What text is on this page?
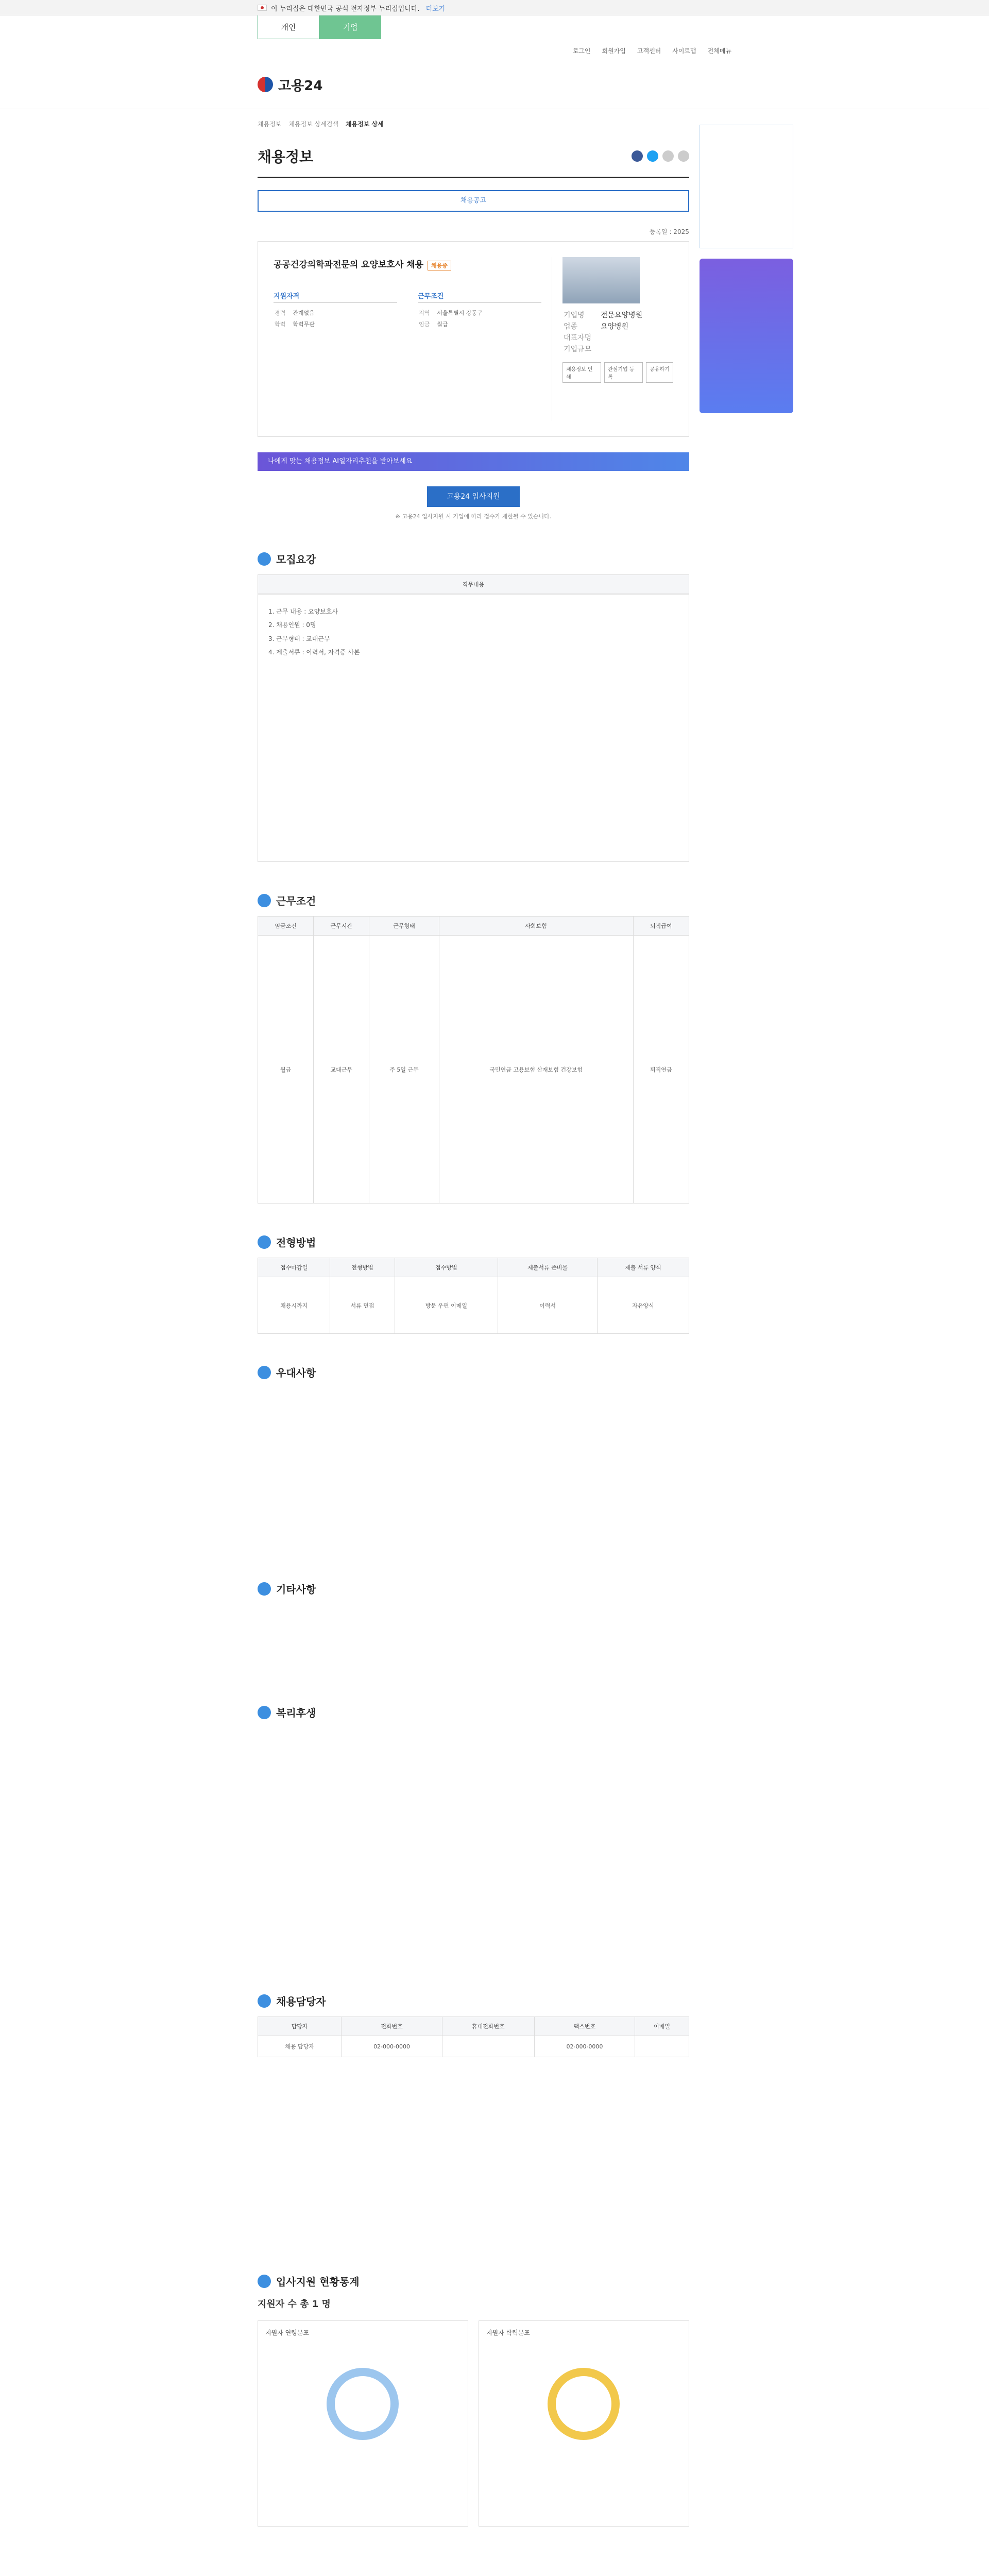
이 누리집은 대한민국 공식 전자정부 누리집입니다. 더보기
개인	기업
로그인 회원가입 고객센터 사이트맵 전체메뉴
고용24
채용정보 채용정보 상세검색 채용정보 상세
채용정보
채용공고
등록일 : 2025
공공건강의학과전문의 요양보호사 채용 채용중
지원자격
경력	관계없음
학력	학력무관
근무조건
지역	서울특별시 강동구
임금	월급
기업명	전문요양병원
업종	요양병원
대표자명	
기업규모	
채용정보 인쇄
관심기업 등록
공유하기
나에게 맞는 채용정보 AI일자리추천을 받아보세요
고용24 입사지원
※ 고용24 입사지원 시 기업에 따라 접수가 제한될 수 있습니다.
모집요강
직무내용
1. 근무 내용 : 요양보호사
2. 채용인원 : 0명
3. 근무형태 : 교대근무
4. 제출서류 : 이력서, 자격증 사본
근무조건
임금조건	근무시간	근무형태	사회보험	퇴직급여
월급	교대근무	주 5일 근무	국민연금 고용보험 산재보험 건강보험	퇴직연금
전형방법
접수마감일	전형방법	접수방법	제출서류 준비물	제출 서류 양식
채용시까지	서류 면접	방문 우편 이메일	이력서	자유양식
우대사항
기타사항
복리후생
채용담당자
담당자	전화번호	휴대전화번호	팩스번호	이메일
채용 담당자	02-000-0000		02-000-0000	
입사지원 현황통계
지원자 수 총 1 명
지원자 연령분포	지원자 학력분포
